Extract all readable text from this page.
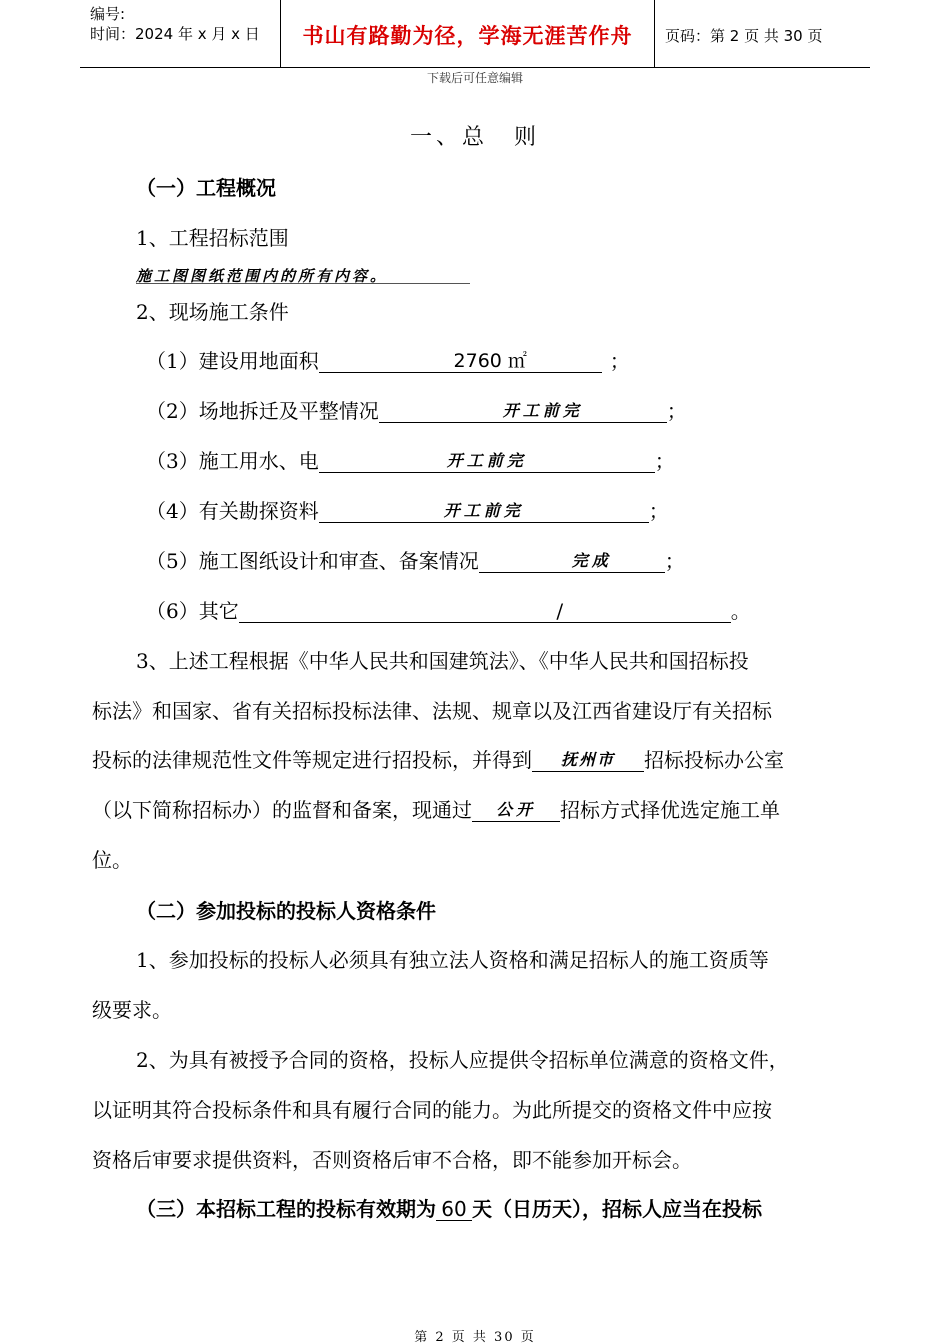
编号:
时间：2024 年 x 月 x 日	书山有路勤为径，学海无涯苦作舟	页码：第 2 页 共 30 页
下载后可任意编辑
一、总　则
（一）工程概况
1、工程招标范围
施工图图纸范围内的所有内容。
2、现场施工条件
（1）建设用地面积	2760 ㎡	；
（2）场地拆迁及平整情况	开工前完	；
（3）施工用水、电	开工前完	；
（4）有关勘探资料	开工前完	；
（5）施工图纸设计和审查、备案情况	完成	；
（6）其它	/	。
3、上述工程根据《中华人民共和国建筑法》、《中华人民共和国招标投
标法》和国家、省有关招标投标法律、法规、规章以及江西省建设厅有关招标
投标的法律规范性文件等规定进行招投标，并得到 抚州市 招标投标办公室
（以下简称招标办）的监督和备案，现通过 公开 招标方式择优选定施工单
位。
（二）参加投标的投标人资格条件
1、参加投标的投标人必须具有独立法人资格和满足招标人的施工资质等
级要求。
2、为具有被授予合同的资格，投标人应提供令招标单位满意的资格文件，
以证明其符合投标条件和具有履行合同的能力。为此所提交的资格文件中应按
资格后审要求提供资料，否则资格后审不合格，即不能参加开标会。
（三）本招标工程的投标有效期为 60 天（日历天），招标人应当在投标
第 2 页 共 30 页
